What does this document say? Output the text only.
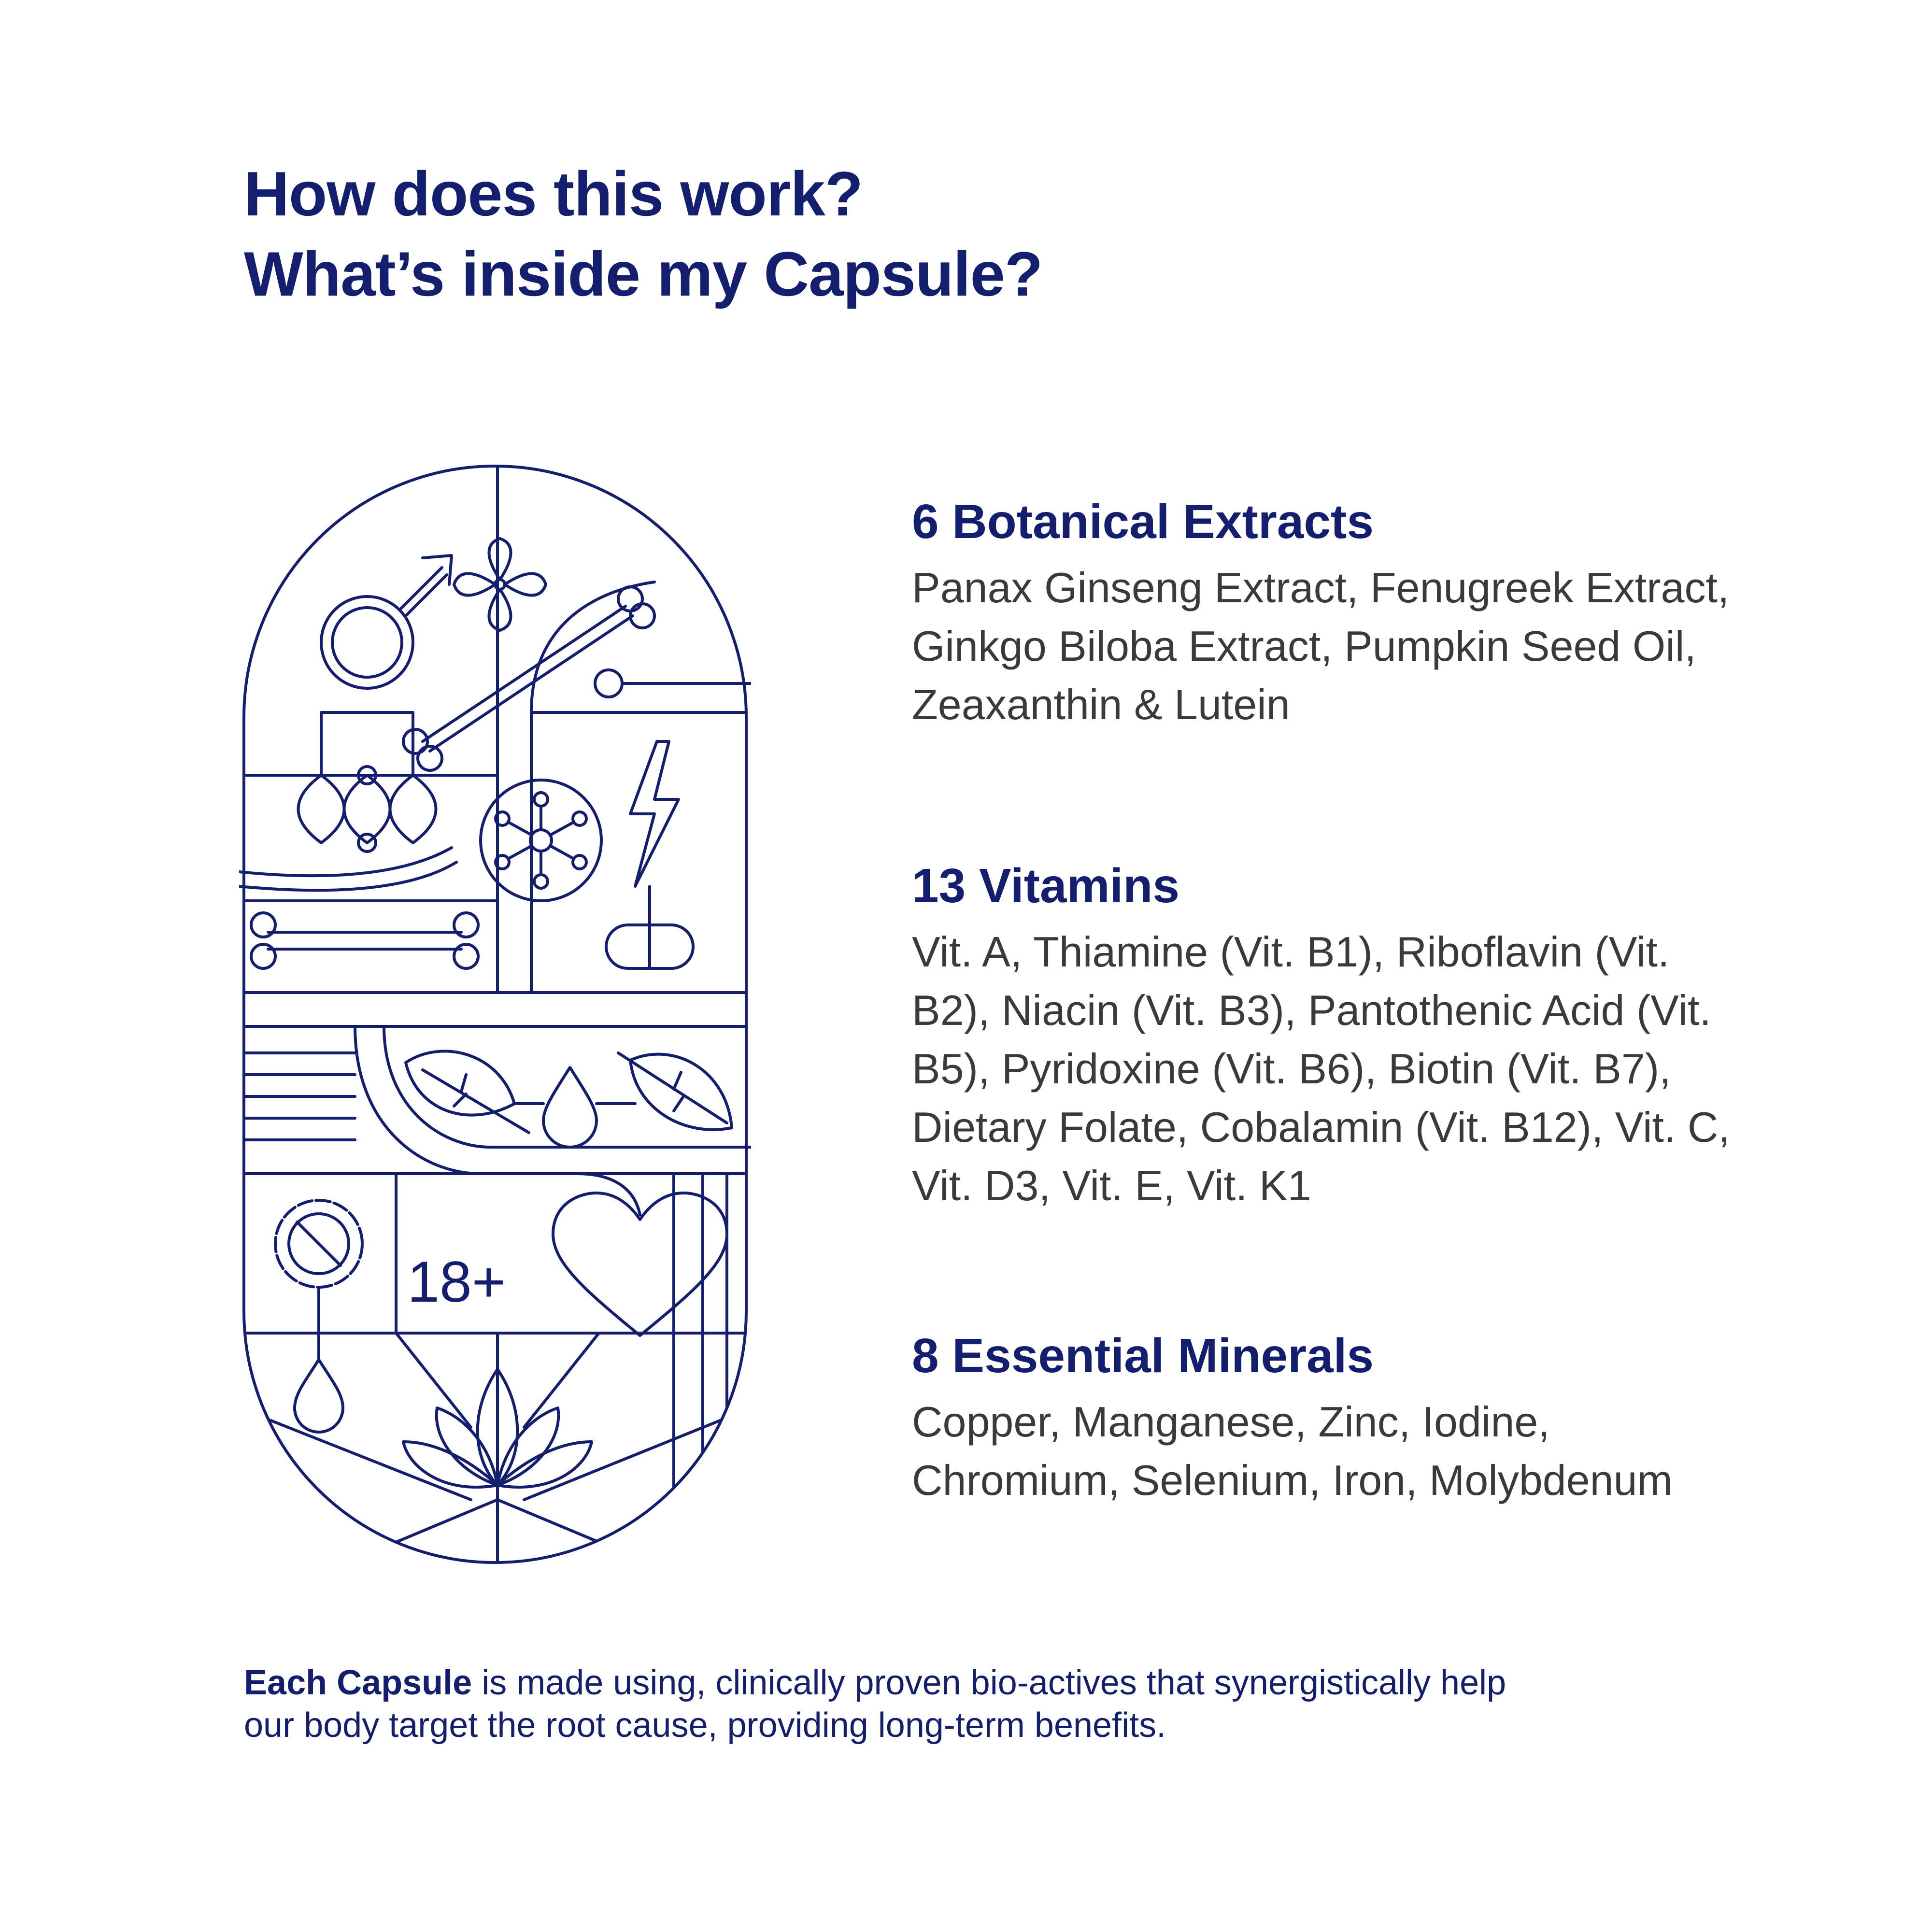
How does this work?
What’s inside my Capsule?
18+
6 Botanical Extracts

Panax Ginseng Extract, Fenugreek Extract,
Ginkgo Biloba Extract, Pumpkin Seed Oil,
Zeaxanthin & Lutein

13 Vitamins

Vit. A, Thiamine (Vit. B1), Riboflavin (Vit.
B2), Niacin (Vit. B3), Pantothenic Acid (Vit.
B5), Pyridoxine (Vit. B6), Biotin (Vit. B7),
Dietary Folate, Cobalamin (Vit. B12), Vit. C,
Vit. D3, Vit. E, Vit. K1

8 Essential Minerals

Copper, Manganese, Zinc, Iodine,
Chromium, Selenium, Iron, Molybdenum

Each Capsule is made using, clinically proven bio-actives that synergistically help
our body target the root cause, providing long-term benefits.
